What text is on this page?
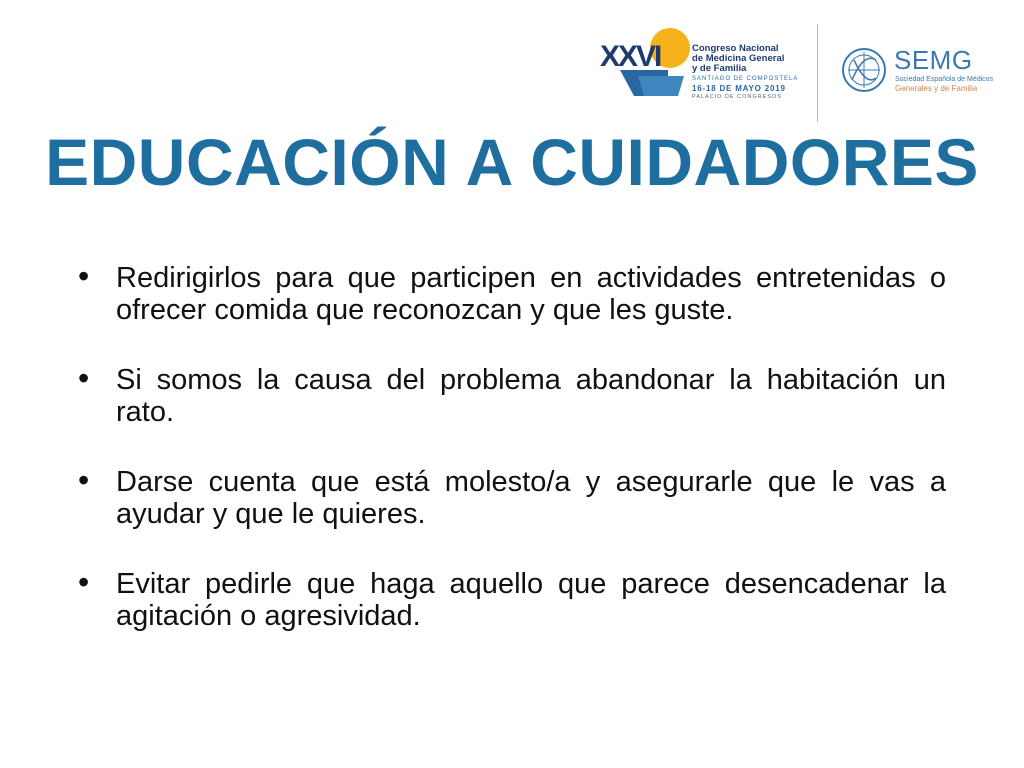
XXVI	Congreso Nacional
de Medicina General
y de Familia
SANTIAGO DE COMPOSTELA
16-18 DE MAYO 2019
PALACIO DE CONGRESOS
SEMG
Sociedad Española de Médicos
Generales y de Familia
EDUCACIÓN A CUIDADORES
• Redirigirlos para que participen en actividades entretenidas o ofrecer comida que reconozcan y que les guste.
• Si somos la causa del problema abandonar la habitación un rato.
• Darse cuenta que está molesto/a y asegurarle que le vas a ayudar y que le quieres.
• Evitar pedirle que haga aquello que parece desencadenar la agitación o agresividad.
